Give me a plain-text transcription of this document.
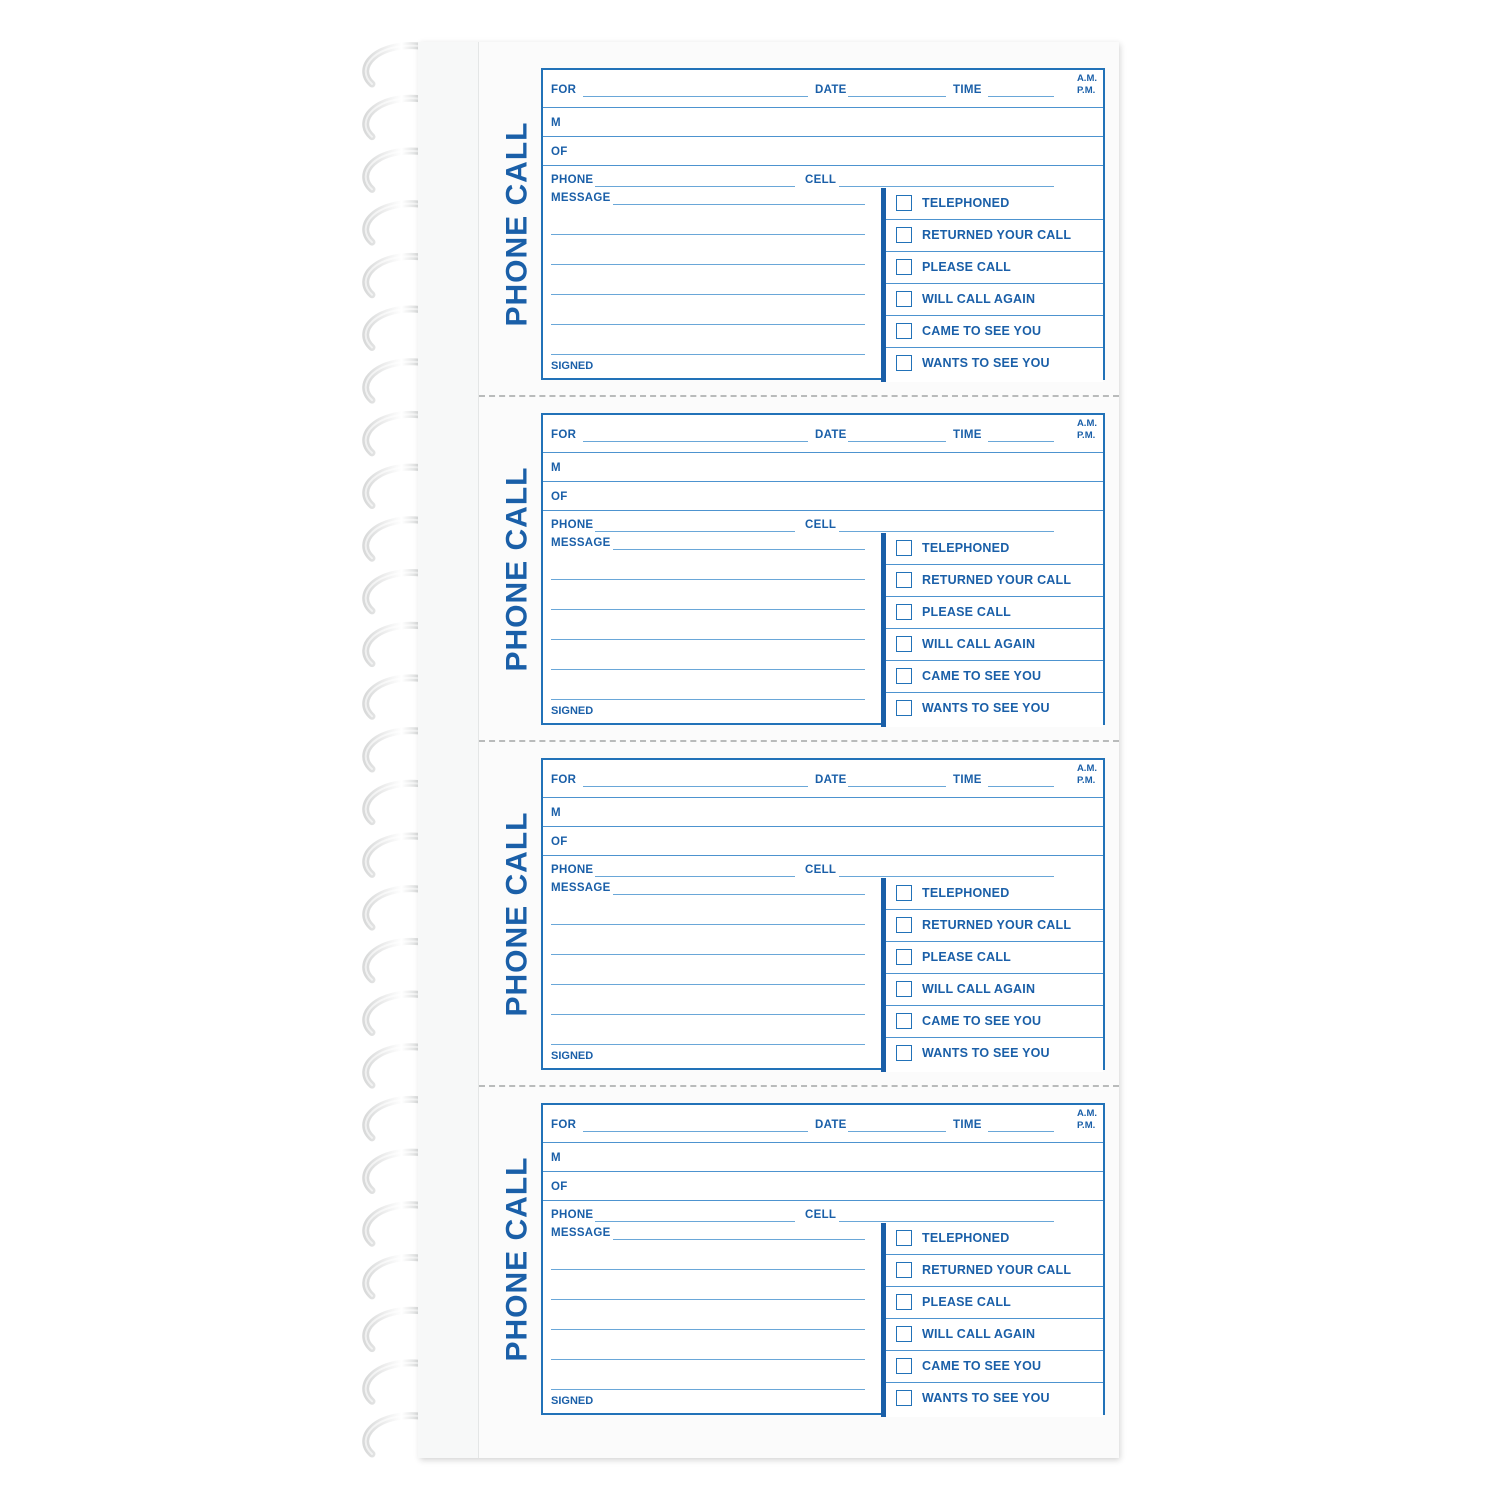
PHONE CALL
FOR	DATE	TIME
A.M.
P.M.
M
OF
PHONE	CELL
MESSAGE
SIGNED
TELEPHONED
RETURNED YOUR CALL
PLEASE CALL
WILL CALL AGAIN
CAME TO SEE YOU
WANTS TO SEE YOU
PHONE CALL
FOR	DATE	TIME
A.M.
P.M.
M
OF
PHONE	CELL
MESSAGE
SIGNED
TELEPHONED
RETURNED YOUR CALL
PLEASE CALL
WILL CALL AGAIN
CAME TO SEE YOU
WANTS TO SEE YOU
PHONE CALL
FOR	DATE	TIME
A.M.
P.M.
M
OF
PHONE	CELL
MESSAGE
SIGNED
TELEPHONED
RETURNED YOUR CALL
PLEASE CALL
WILL CALL AGAIN
CAME TO SEE YOU
WANTS TO SEE YOU
PHONE CALL
FOR	DATE	TIME
A.M.
P.M.
M
OF
PHONE	CELL
MESSAGE
SIGNED
TELEPHONED
RETURNED YOUR CALL
PLEASE CALL
WILL CALL AGAIN
CAME TO SEE YOU
WANTS TO SEE YOU
